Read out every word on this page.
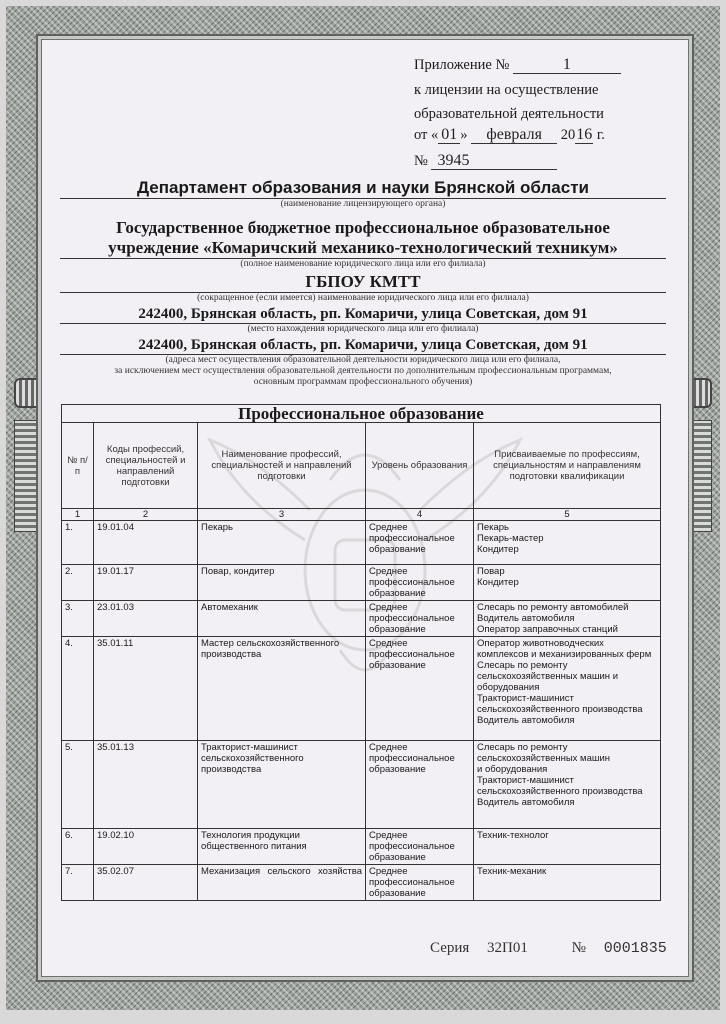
Приложение №	1
к лицензии на осуществление
образовательной деятельности
от « 01 » февраля 2016 г.
№ 3945
Департамент образования и науки Брянской области
(наименование лицензирующего органа)
Государственное бюджетное профессиональное образовательное
учреждение «Комаричский механико-технологический техникум»
(полное наименование юридического лица или его филиала)
ГБПОУ КМТТ
(сокращенное (если имеется) наименование юридического лица или его филиала)
242400, Брянская область, рп. Комаричи, улица Советская, дом 91
(место нахождения юридического лица или его филиала)
242400, Брянская область, рп. Комаричи, улица Советская, дом 91
(адреса мест осуществления образовательной деятельности юридического лица или его филиала,
за исключением мест осуществления образовательной деятельности по дополнительным профессиональным программам,
основным программам профессионального обучения)
Профессиональное образование				
№ п/п	Коды профессий, специальностей и направлений подготовки	Наименование профессий, специальностей и направлений подготовки	Уровень образования	Присваиваемые по профессиям, специальностям и направлениям подготовки квалификации
1	2	3	4	5
1.	19.01.04	Пекарь	Среднее профессиональное образование	Пекарь
Пекарь-мастер
Кондитер

2.	19.01.17	Повар, кондитер	Среднее профессиональное образование	Повар
Кондитер

3.	23.01.03	Автомеханик	Среднее профессиональное образование	Слесарь по ремонту автомобилей
Водитель автомобиля
Оператор заправочных станций

4.	35.01.11	Мастер сельскохозяйственного производства	Среднее профессиональное образование	Оператор животноводческих комплексов и механизированных ферм
Слесарь по ремонту сельскохозяйственных машин и оборудования
Тракторист-машинист сельскохозяйственного производства
Водитель автомобиля

5.	35.01.13	Тракторист-машинист сельскохозяйственного производства	Среднее профессиональное образование	Слесарь по ремонту сельскохозяйственных машин
и оборудования
Тракторист-машинист сельскохозяйственного производства
Водитель автомобиля

6.	19.02.10	Технология продукции общественного питания	Среднее профессиональное образование	Техник-технолог

7.	35.02.07	Механизация сельского хозяйства	Среднее профессиональное образование	Техник-механик
Серия 32П01	№ 0001835
